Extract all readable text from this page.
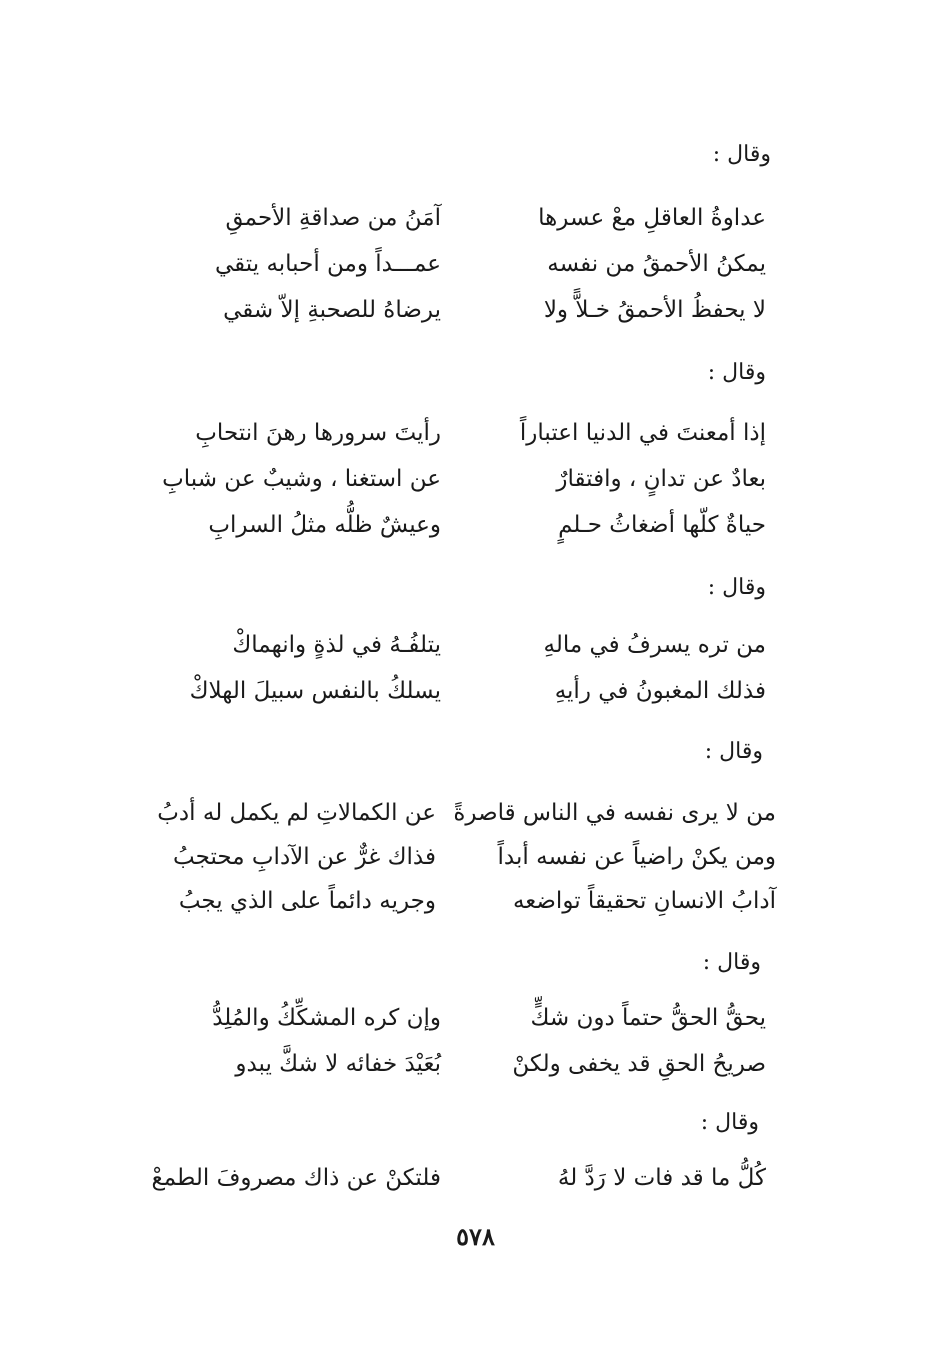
وقال :
عداوةُ العاقلِ معْ عسرها
آمَنُ من صداقةِ الأحمقِ
يمكنُ الأحمقُ من نفسه
عمـــداً ومن أحبابه يتقي
لا يحفظُ الأحمقُ خـلاًّ ولا
يرضاهُ للصحبةِ إلاّ شقي
وقال :
إذا أمعنتَ في الدنيا اعتباراً
رأيتَ سرورها رهنَ انتحابِ
بعادٌ عن تدانٍ ، وافتقارٌ
عن استغنا ، وشيبٌ عن شبابِ
حياةٌ كلّها أضغاثُ حـلمٍ
وعيشٌ ظلُّه مثلُ السرابِ
وقال :
من تره يسرفُ في مالهِ
يتلفُـهُ في لذةٍ وانهماكْ
فذلك المغبونُ في رأيهِ
يسلكُ بالنفس سبيلَ الهلاكْ
وقال :
من لا يرى نفسه في الناس قاصرةً
عن الكمالاتِ لم يكمل له أدبُ
ومن يكنْ راضياً عن نفسه أبداً
فذاك غرٌّ عن الآدابِ محتجبُ
آدابُ الانسانِ تحقيقاً تواضعه
وجريه دائماً على الذي يجبُ
وقال :
يحقُّ الحقُّ حتماً دون شكٍّ
وإن كره المشكِّكُ والمُلِدُّ
صريحُ الحقِ قد يخفى ولكنْ
بُعَيْدَ خفائه لا شكَّ يبدو
وقال :
كُلُّ ما قد فات لا رَدَّ لهُ
فلتكنْ عن ذاك مصروفَ الطمعْ
٥٧٨
